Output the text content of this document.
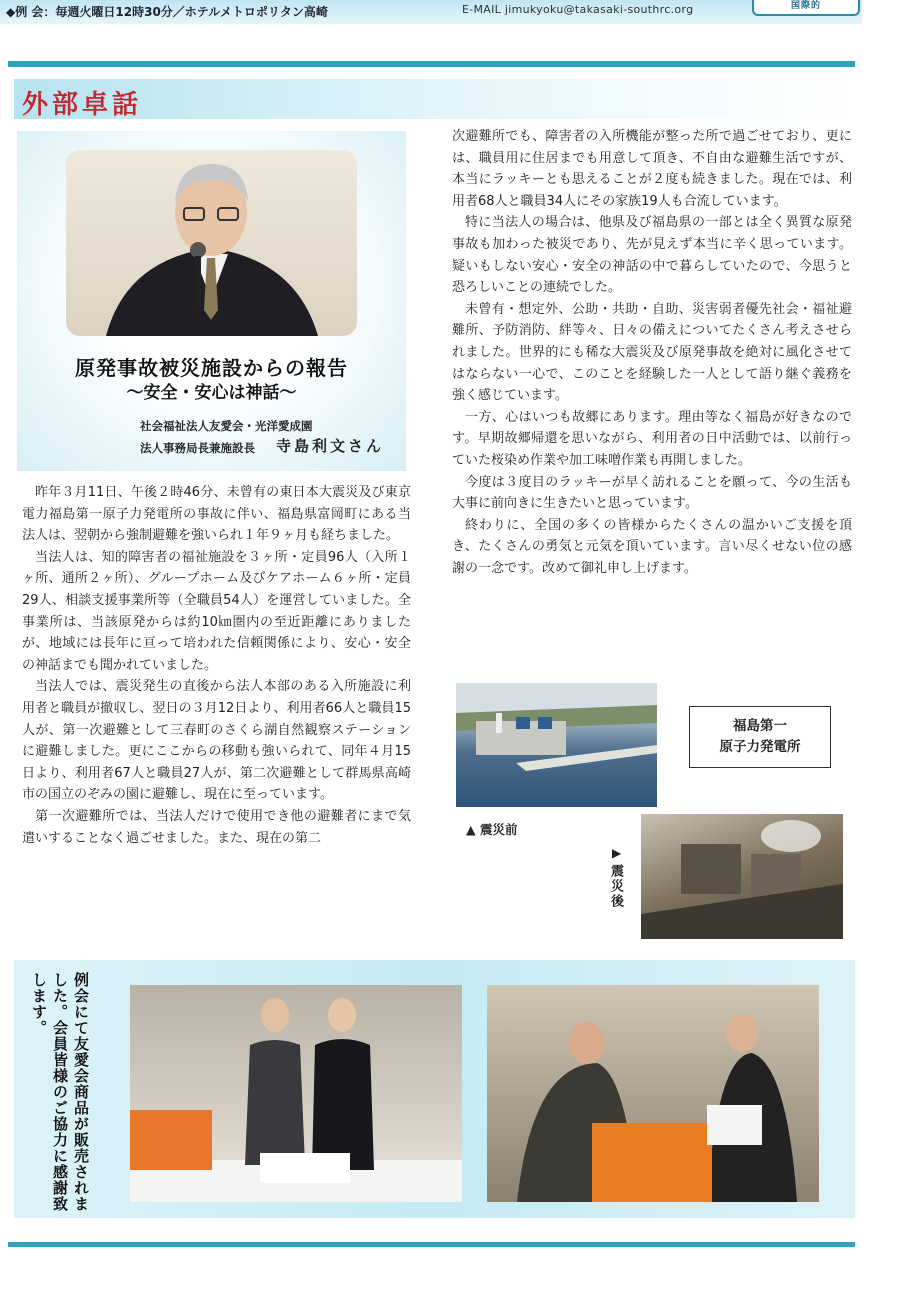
◆例 会：毎週火曜日12時30分／ホテルメトロポリタン高崎	E-MAIL jimukyoku@takasaki-southrc.org	国際的
外部卓話
原発事故被災施設からの報告
～安全・安心は神話～
社会福祉法人友愛会・光洋愛成園
法人事務局長兼施設長 寺島利文さん

昨年３月11日、午後２時46分、未曾有の東日本大震災及び東京電力福島第一原子力発電所の事故に伴い、福島県富岡町にある当法人は、翌朝から強制避難を強いられ１年９ヶ月も経ちました。

当法人は、知的障害者の福祉施設を３ヶ所・定員96人（入所１ヶ所、通所２ヶ所）、グループホーム及びケアホーム６ヶ所・定員29人、相談支援事業所等（全職員54人）を運営していました。全事業所は、当該原発からは約10㎞圏内の至近距離にありましたが、地域には長年に亘って培われた信頼関係により、安心・安全の神話までも聞かれていました。

当法人では、震災発生の直後から法人本部のある入所施設に利用者と職員が撤収し、翌日の３月12日より、利用者66人と職員15人が、第一次避難として三春町のさくら湖自然観察ステーションに避難しました。更にここからの移動も強いられて、同年４月15日より、利用者67人と職員27人が、第二次避難として群馬県高崎市の国立のぞみの園に避難し、現在に至っています。

第一次避難所では、当法人だけで使用でき他の避難者にまで気遣いすることなく過ごせました。また、現在の第二

次避難所でも、障害者の入所機能が整った所で過ごせており、更には、職員用に住居までも用意して頂き、不自由な避難生活ですが、本当にラッキーとも思えることが２度も続きました。現在では、利用者68人と職員34人にその家族19人も合流しています。

特に当法人の場合は、他県及び福島県の一部とは全く異質な原発事故も加わった被災であり、先が見えず本当に辛く思っています。疑いもしない安心・安全の神話の中で暮らしていたので、今思うと恐ろしいことの連続でした。

未曾有・想定外、公助・共助・自助、災害弱者優先社会・福祉避難所、予防消防、絆等々、日々の備えについてたくさん考えさせられました。世界的にも稀な大震災及び原発事故を絶対に風化させてはならない一心で、このことを経験した一人として語り継ぐ義務を強く感じています。

一方、心はいつも故郷にあります。理由等なく福島が好きなのです。早期故郷帰還を思いながら、利用者の日中活動では、以前行っていた桜染め作業や加工味噌作業も再開しました。

今度は３度目のラッキーが早く訪れることを願って、今の生活も大事に前向きに生きたいと思っています。

終わりに、全国の多くの皆様からたくさんの温かいご支援を頂き、たくさんの勇気と元気を頂いています。言い尽くせない位の感謝の一念です。改めて御礼申し上げます。

福島第一
原子力発電所
▲ 震災前
▶
震災後
例会にて友愛会商品が販売されました。会員皆様のご協力に感謝致します。
